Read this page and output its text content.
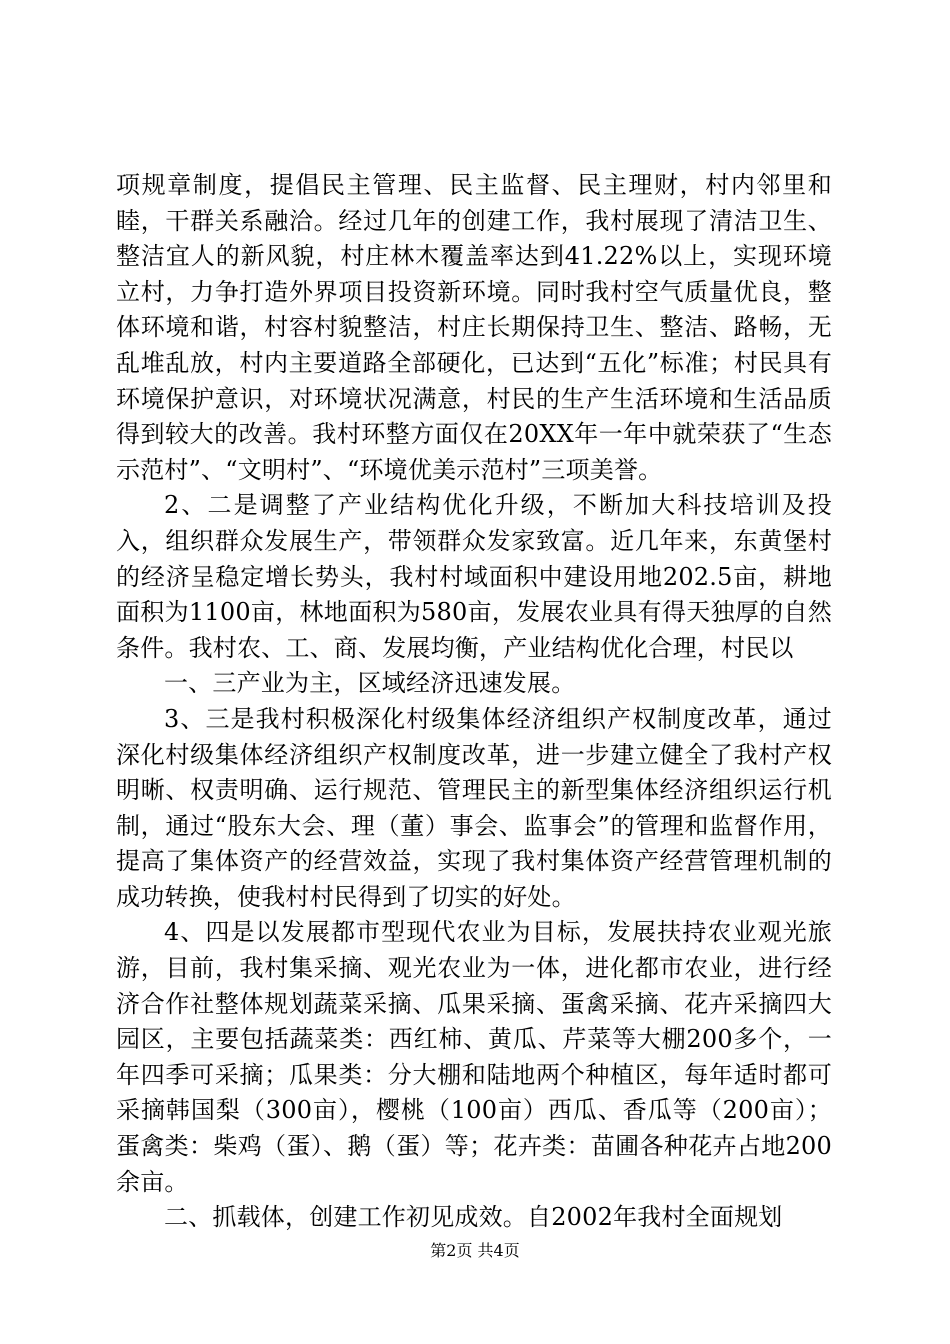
项规章制度，提倡民主管理、民主监督、民主理财，村内邻里和睦，干群关系融洽。经过几年的创建工作，我村展现了清洁卫生、整洁宜人的新风貌，村庄林木覆盖率达到41.22%以上，实现环境立村，力争打造外界项目投资新环境。同时我村空气质量优良，整体环境和谐，村容村貌整洁，村庄长期保持卫生、整洁、路畅，无乱堆乱放，村内主要道路全部硬化，已达到“五化”标准；村民具有环境保护意识，对环境状况满意，村民的生产生活环境和生活品质得到较大的改善。我村环整方面仅在20XX年一年中就荣获了“生态示范村”、“文明村”、“环境优美示范村”三项美誉。

2、二是调整了产业结构优化升级，不断加大科技培训及投入，组织群众发展生产，带领群众发家致富。近几年来，东黄堡村的经济呈稳定增长势头，我村村域面积中建设用地202.5亩，耕地面积为1100亩，林地面积为580亩，发展农业具有得天独厚的自然条件。我村农、工、商、发展均衡，产业结构优化合理，村民以

一、三产业为主，区域经济迅速发展。

3、三是我村积极深化村级集体经济组织产权制度改革，通过深化村级集体经济组织产权制度改革，进一步建立健全了我村产权明晰、权责明确、运行规范、管理民主的新型集体经济组织运行机制，通过“股东大会、理（董）事会、监事会”的管理和监督作用，提高了集体资产的经营效益，实现了我村集体资产经营管理机制的成功转换，使我村村民得到了切实的好处。

4、四是以发展都市型现代农业为目标，发展扶持农业观光旅游，目前，我村集采摘、观光农业为一体，进化都市农业，进行经济合作社整体规划蔬菜采摘、瓜果采摘、蛋禽采摘、花卉采摘四大园区，主要包括蔬菜类：西红柿、黄瓜、芹菜等大棚200多个，一年四季可采摘；瓜果类：分大棚和陆地两个种植区，每年适时都可采摘韩国梨（300亩），樱桃（100亩）西瓜、香瓜等（200亩）；蛋禽类：柴鸡（蛋）、鹅（蛋）等；花卉类：苗圃各种花卉占地200余亩。

二、抓载体，创建工作初见成效。自2002年我村全面规划

第2页 共4页
